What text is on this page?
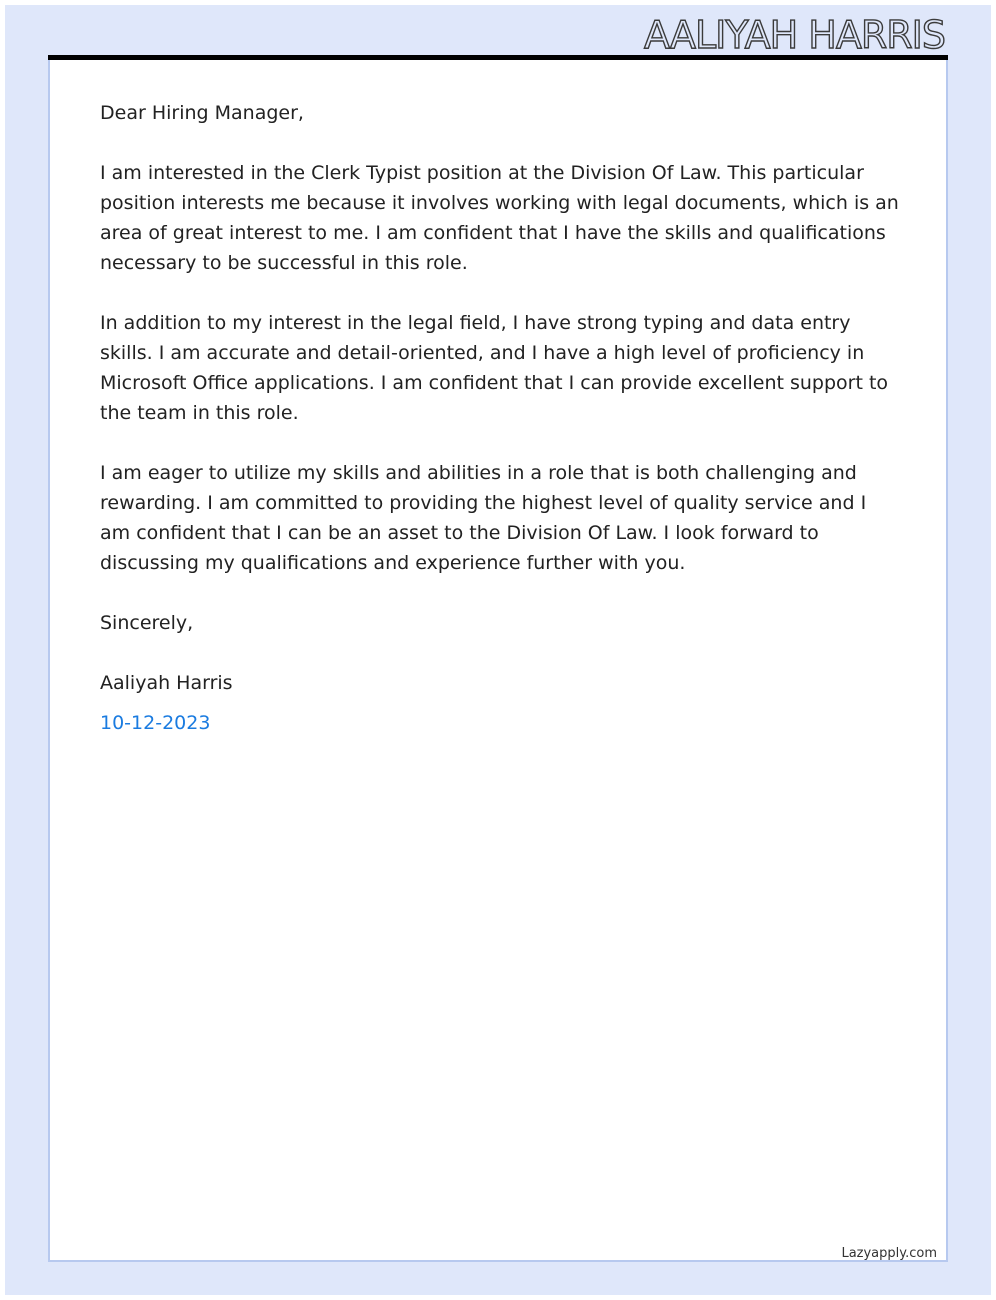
AALIYAH HARRIS

Dear Hiring Manager,

I am interested in the Clerk Typist position at the Division Of Law. This particular position interests me because it involves working with legal documents, which is an area of great interest to me. I am confident that I have the skills and qualifications necessary to be successful in this role.

In addition to my interest in the legal field, I have strong typing and data entry skills. I am accurate and detail-oriented, and I have a high level of proficiency in Microsoft Office applications. I am confident that I can provide excellent support to the team in this role.

I am eager to utilize my skills and abilities in a role that is both challenging and rewarding. I am committed to providing the highest level of quality service and I am confident that I can be an asset to the Division Of Law. I look forward to discussing my qualifications and experience further with you.

Sincerely,

Aaliyah Harris

10-12-2023

Lazyapply.com
